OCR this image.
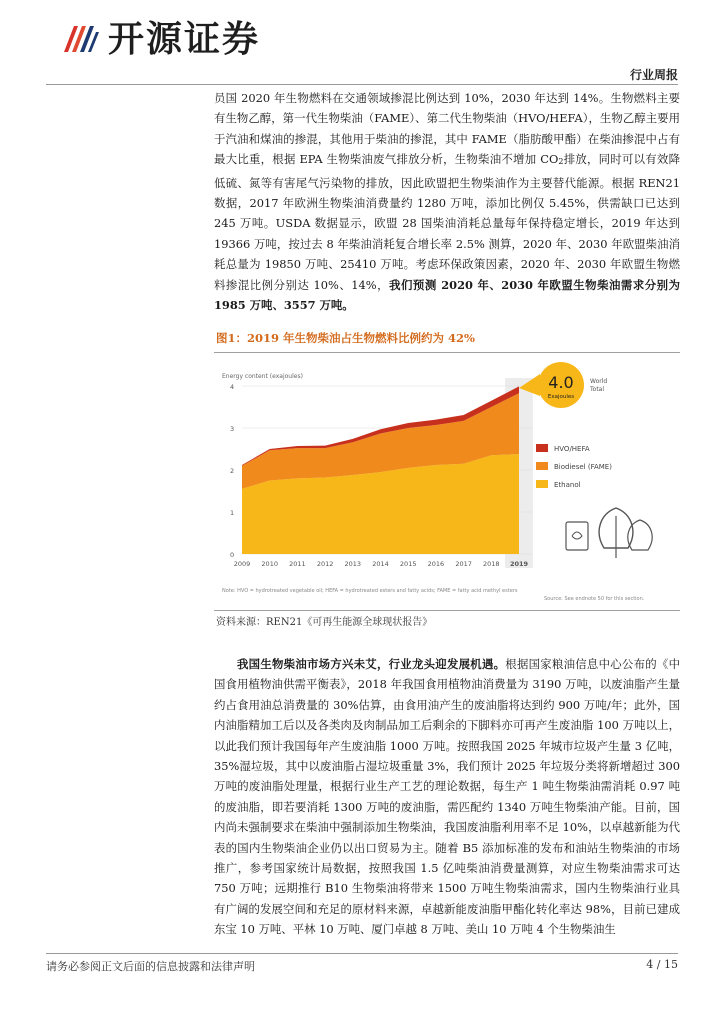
开源证券
行业周报

员国 2020 年生物燃料在交通领域掺混比例达到 10%，2030 年达到 14%。生物燃料主要有生物乙醇，第一代生物柴油（FAME）、第二代生物柴油（HVO/HEFA），生物乙醇主要用于汽油和煤油的掺混，其他用于柴油的掺混，其中 FAME（脂肪酸甲酯）在柴油掺混中占有最大比重，根据 EPA 生物柴油废气排放分析，生物柴油不增加 $CO_2$排放，同时可以有效降低硫、氮等有害尾气污染物的排放，因此欧盟把生物柴油作为主要替代能源。根据 REN21 数据，2017 年欧洲生物柴油消费量约 1280 万吨，添加比例仅 5.45%，供需缺口已达到 245 万吨。USDA 数据显示，欧盟 28 国柴油消耗总量每年保持稳定增长，2019 年达到 19366 万吨，按过去 8 年柴油消耗复合增长率 2.5% 测算，2020 年、2030 年欧盟柴油消耗总量为 19850 万吨、25410 万吨。考虑环保政策因素，2020 年、2030 年欧盟生物燃料掺混比例分别达 10%、14%，我们预测 2020 年、2030 年欧盟生物柴油需求分别为 1985 万吨、3557 万吨。

图1：2019 年生物柴油占生物燃料比例约为 42%
Energy content (exajoules)
0
1
2
3
4
2009 2010 2011 2012 2013 2014 2015 2016 2017 2018 2019
HVO/HEFA
Biodiesel (FAME)
Ethanol
4.0
Exajoules
World
Total
Note: HVO = hydrotreated vegetable oil; HEFA = hydrotreated esters and fatty acids; FAME = fatty acid methyl esters
Source: See endnote 50 for this section.
资料来源：REN21《可再生能源全球现状报告》

我国生物柴油市场方兴未艾，行业龙头迎发展机遇。根据国家粮油信息中心公布的《中国食用植物油供需平衡表》，2018 年我国食用植物油消费量为 3190 万吨，以废油脂产生量约占食用油总消费量的 30%估算，由食用油产生的废油脂将达到约 900 万吨/年；此外，国内油脂精加工后以及各类肉及肉制品加工后剩余的下脚料亦可再产生废油脂 100 万吨以上，以此我们预计我国每年产生废油脂 1000 万吨。按照我国 2025 年城市垃圾产生量 3 亿吨，35%湿垃圾，其中以废油脂占湿垃圾重量 3%，我们预计 2025 年垃圾分类将新增超过 300 万吨的废油脂处理量，根据行业生产工艺的理论数据，每生产 1 吨生物柴油需消耗 0.97 吨的废油脂，即若要消耗 1300 万吨的废油脂，需匹配约 1340 万吨生物柴油产能。目前，国内尚未强制要求在柴油中强制添加生物柴油，我国废油脂利用率不足 10%，以卓越新能为代表的国内生物柴油企业仍以出口贸易为主。随着 B5 添加标准的发布和油站生物柴油的市场推广，参考国家统计局数据，按照我国 1.5 亿吨柴油消费量测算，对应生物柴油需求可达 750 万吨；远期推行 B10 生物柴油将带来 1500 万吨生物柴油需求，国内生物柴油行业具有广阔的发展空间和充足的原材料来源，卓越新能废油脂甲酯化转化率达 98%，目前已建成东宝 10 万吨、平林 10 万吨、厦门卓越 8 万吨、美山 10 万吨 4 个生物柴油生

请务必参阅正文后面的信息披露和法律声明	4 / 15
